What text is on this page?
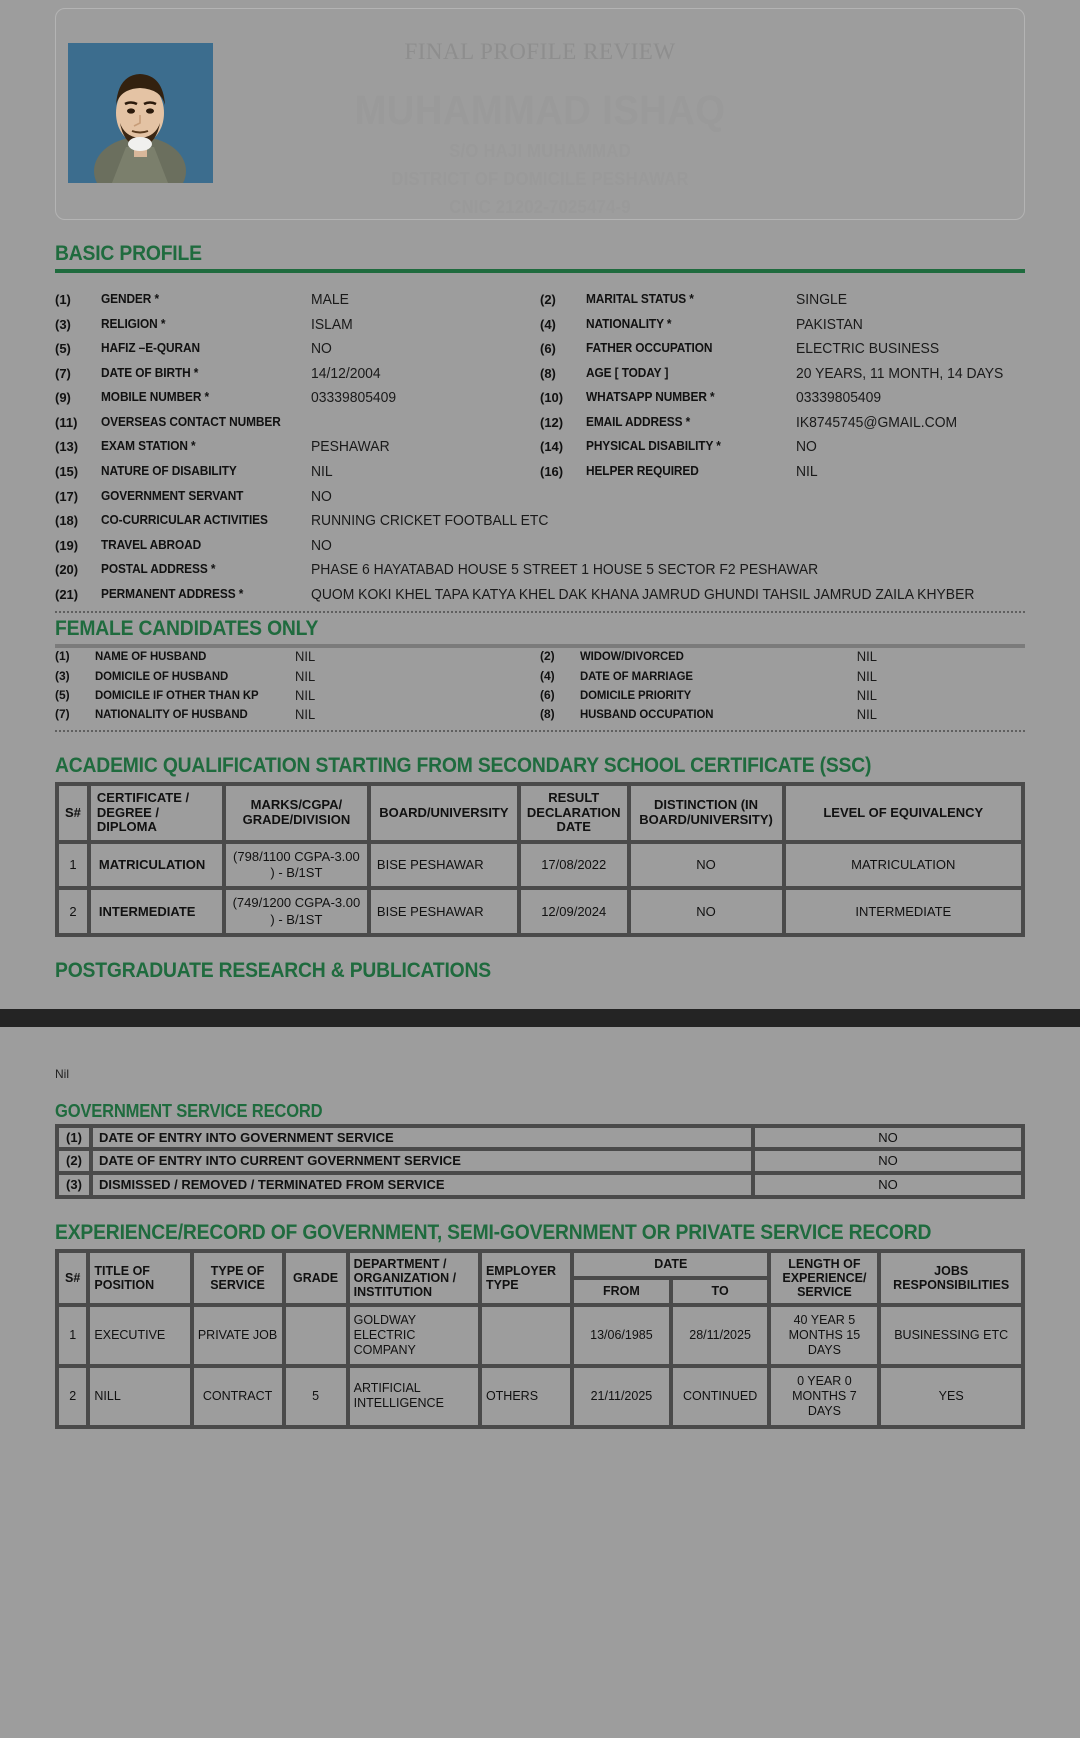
FINAL PROFILE REVIEW
MUHAMMAD ISHAQ
S/O HAJI MUHAMMAD
DISTRICT OF DOMICILE PESHAWAR
CNIC 21202-7025474-9
BASIC PROFILE
(1)	GENDER *	MALE	(2)	MARITAL STATUS *	SINGLE
(3)	RELIGION *	ISLAM	(4)	NATIONALITY *	PAKISTAN
(5)	HAFIZ –E-QURAN	NO	(6)	FATHER OCCUPATION	ELECTRIC BUSINESS
(7)	DATE OF BIRTH *	14/12/2004	(8)	AGE [ TODAY ]	20 YEARS, 11 MONTH, 14 DAYS
(9)	MOBILE NUMBER *	03339805409	(10)	WHATSAPP NUMBER *	03339805409
(11)	OVERSEAS CONTACT NUMBER	(12)	EMAIL ADDRESS *	IK8745745@GMAIL.COM
(13)	EXAM STATION *	PESHAWAR	(14)	PHYSICAL DISABILITY *	NO
(15)	NATURE OF DISABILITY	NIL	(16)	HELPER REQUIRED	NIL
(17)	GOVERNMENT SERVANT	NO
(18)	CO-CURRICULAR ACTIVITIES	RUNNING CRICKET FOOTBALL ETC
(19)	TRAVEL ABROAD	NO
(20)	POSTAL ADDRESS *	PHASE 6 HAYATABAD HOUSE 5 STREET 1 HOUSE 5 SECTOR F2 PESHAWAR
(21)	PERMANENT ADDRESS *	QUOM KOKI KHEL TAPA KATYA KHEL DAK KHANA JAMRUD GHUNDI TAHSIL JAMRUD ZAILA KHYBER
FEMALE CANDIDATES ONLY
(1)	NAME OF HUSBAND	NIL	(2)	WIDOW/DIVORCED	NIL
(3)	DOMICILE OF HUSBAND	NIL	(4)	DATE OF MARRIAGE	NIL
(5)	DOMICILE IF OTHER THAN KP	NIL	(6)	DOMICILE PRIORITY	NIL
(7)	NATIONALITY OF HUSBAND	NIL	(8)	HUSBAND OCCUPATION	NIL
ACADEMIC QUALIFICATION STARTING FROM SECONDARY SCHOOL CERTIFICATE (SSC)
S#	CERTIFICATE / DEGREE / DIPLOMA	MARKS/CGPA/ GRADE/DIVISION	BOARD/UNIVERSITY	RESULT DECLARATION DATE	DISTINCTION (IN BOARD/UNIVERSITY)	LEVEL OF EQUIVALENCY
1	MATRICULATION	(798/1100 CGPA-3.00 ) - B/1ST	BISE PESHAWAR	17/08/2022	NO	MATRICULATION
2	INTERMEDIATE	(749/1200 CGPA-3.00 ) - B/1ST	BISE PESHAWAR	12/09/2024	NO	INTERMEDIATE
POSTGRADUATE RESEARCH & PUBLICATIONS
Nil
GOVERNMENT SERVICE RECORD
(1)	DATE OF ENTRY INTO GOVERNMENT SERVICE	NO
(2)	DATE OF ENTRY INTO CURRENT GOVERNMENT SERVICE	NO
(3)	DISMISSED / REMOVED / TERMINATED FROM SERVICE	NO
EXPERIENCE/RECORD OF GOVERNMENT, SEMI-GOVERNMENT OR PRIVATE SERVICE RECORD
S#	TITLE OF POSITION	TYPE OF SERVICE	GRADE	DEPARTMENT / ORGANIZATION / INSTITUTION	EMPLOYER TYPE	DATE		LENGTH OF EXPERIENCE/ SERVICE	JOBS RESPONSIBILITIES
						FROM	TO		
1	EXECUTIVE	PRIVATE JOB		GOLDWAY ELECTRIC COMPANY		13/06/1985	28/11/2025	40 YEAR 5 MONTHS 15 DAYS	BUSINESSING ETC
2	NILL	CONTRACT	5	ARTIFICIAL INTELLIGENCE	OTHERS	21/11/2025	CONTINUED	0 YEAR 0 MONTHS 7 DAYS	YES
